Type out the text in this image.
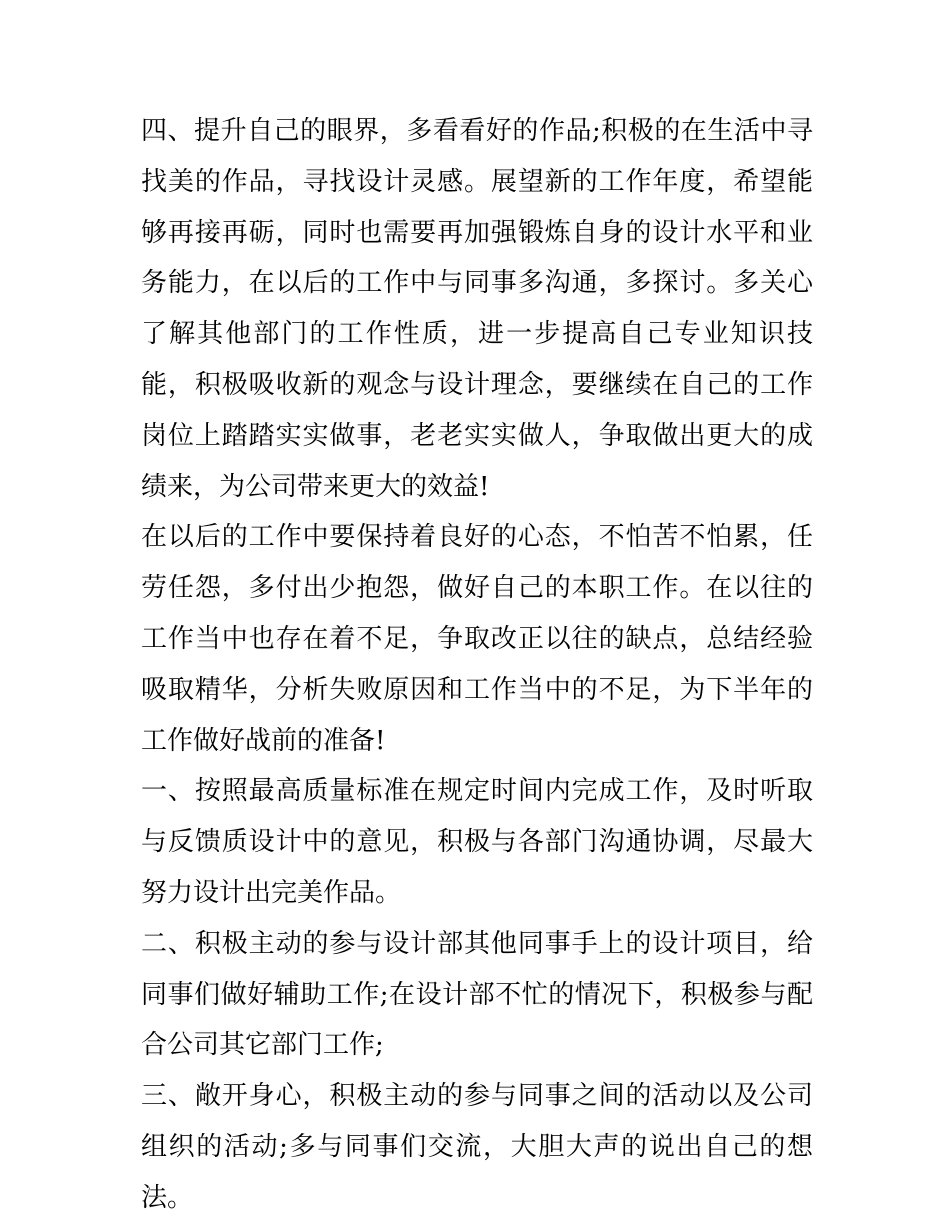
四、提升自己的眼界，多看看好的作品;积极的在生活中寻找美的作品，寻找设计灵感。展望新的工作年度，希望能够再接再砺，同时也需要再加强锻炼自身的设计水平和业务能力，在以后的工作中与同事多沟通，多探讨。多关心了解其他部门的工作性质，进一步提高自己专业知识技能，积极吸收新的观念与设计理念，要继续在自己的工作岗位上踏踏实实做事，老老实实做人，争取做出更大的成绩来，为公司带来更大的效益!

在以后的工作中要保持着良好的心态，不怕苦不怕累，任劳任怨，多付出少抱怨，做好自己的本职工作。在以往的工作当中也存在着不足，争取改正以往的缺点，总结经验吸取精华，分析失败原因和工作当中的不足，为下半年的工作做好战前的准备!

一、按照最高质量标准在规定时间内完成工作，及时听取与反馈质设计中的意见，积极与各部门沟通协调，尽最大努力设计出完美作品。

二、积极主动的参与设计部其他同事手上的设计项目，给同事们做好辅助工作;在设计部不忙的情况下，积极参与配合公司其它部门工作;

三、敞开身心，积极主动的参与同事之间的活动以及公司组织的活动;多与同事们交流，大胆大声的说出自己的想法。
